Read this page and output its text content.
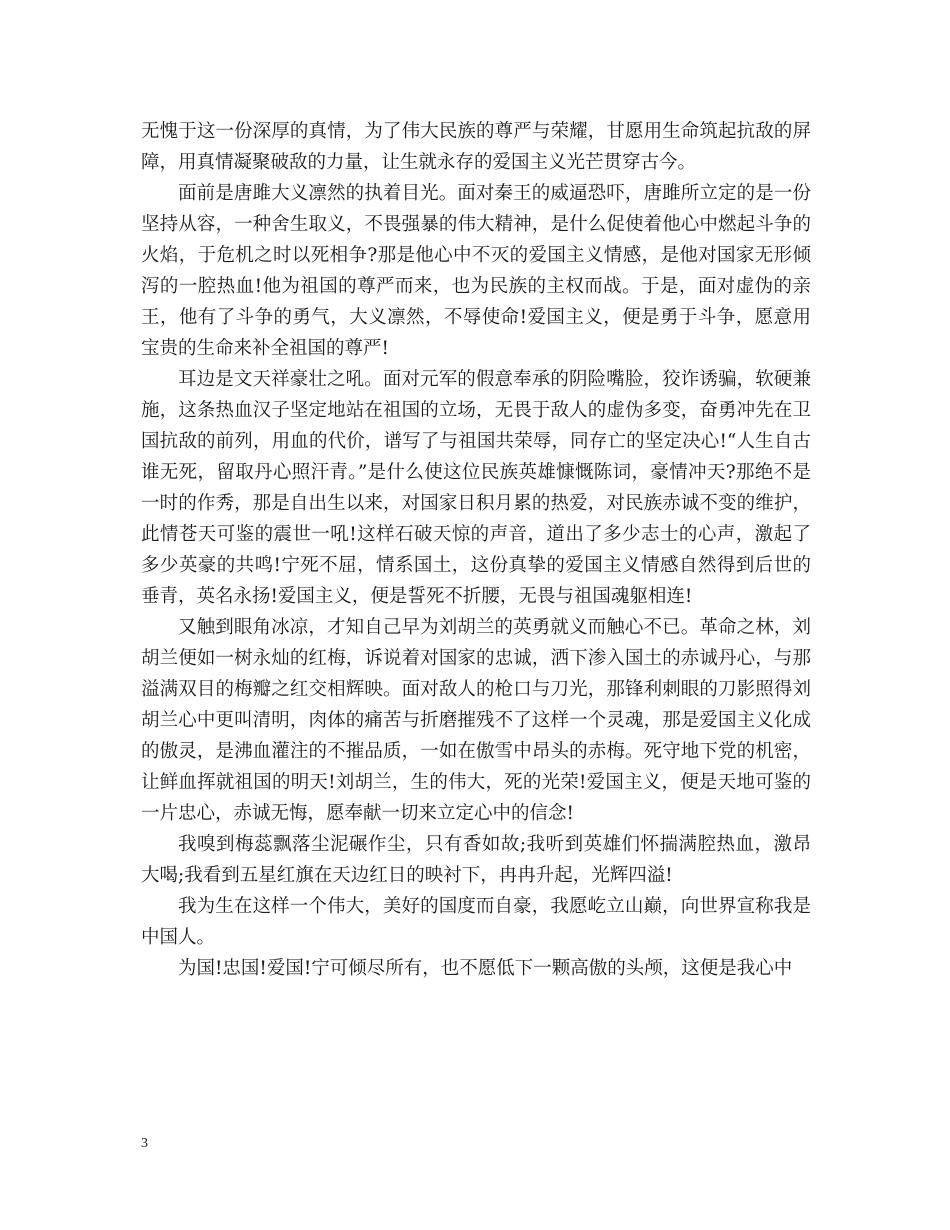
无愧于这一份深厚的真情，为了伟大民族的尊严与荣耀，甘愿用生命筑起抗敌的屏障，用真情凝聚破敌的力量，让生就永存的爱国主义光芒贯穿古今。

面前是唐雎大义凛然的执着目光。面对秦王的威逼恐吓，唐雎所立定的是一份坚持从容，一种舍生取义，不畏强暴的伟大精神，是什么促使着他心中燃起斗争的火焰，于危机之时以死相争?那是他心中不灭的爱国主义情感，是他对国家无形倾泻的一腔热血!他为祖国的尊严而来，也为民族的主权而战。于是，面对虚伪的亲王，他有了斗争的勇气，大义凛然，不辱使命!爱国主义，便是勇于斗争，愿意用宝贵的生命来补全祖国的尊严!

耳边是文天祥豪壮之吼。面对元军的假意奉承的阴险嘴脸，狡诈诱骗，软硬兼施，这条热血汉子坚定地站在祖国的立场，无畏于敌人的虚伪多变，奋勇冲先在卫国抗敌的前列，用血的代价，谱写了与祖国共荣辱，同存亡的坚定决心!“人生自古谁无死，留取丹心照汗青。”是什么使这位民族英雄慷慨陈词，豪情冲天?那绝不是一时的作秀，那是自出生以来，对国家日积月累的热爱，对民族赤诚不变的维护，此情苍天可鉴的震世一吼!这样石破天惊的声音，道出了多少志士的心声，激起了多少英豪的共鸣!宁死不屈，情系国土，这份真挚的爱国主义情感自然得到后世的垂青，英名永扬!爱国主义，便是誓死不折腰，无畏与祖国魂躯相连!

又触到眼角冰凉，才知自己早为刘胡兰的英勇就义而触心不已。革命之林，刘胡兰便如一树永灿的红梅，诉说着对国家的忠诚，洒下渗入国土的赤诚丹心，与那溢满双目的梅瓣之红交相辉映。面对敌人的枪口与刀光，那锋利刺眼的刀影照得刘胡兰心中更叫清明，肉体的痛苦与折磨摧残不了这样一个灵魂，那是爱国主义化成的傲灵，是沸血灌注的不摧品质，一如在傲雪中昂头的赤梅。死守地下党的机密，让鲜血挥就祖国的明天!刘胡兰，生的伟大，死的光荣!爱国主义，便是天地可鉴的一片忠心，赤诚无悔，愿奉献一切来立定心中的信念!

我嗅到梅蕊飘落尘泥碾作尘，只有香如故;我听到英雄们怀揣满腔热血，激昂大喝;我看到五星红旗在天边红日的映衬下，冉冉升起，光辉四溢!

我为生在这样一个伟大，美好的国度而自豪，我愿屹立山巅，向世界宣称我是中国人。

为国!忠国!爱国!宁可倾尽所有，也不愿低下一颗高傲的头颅，这便是我心中

3
